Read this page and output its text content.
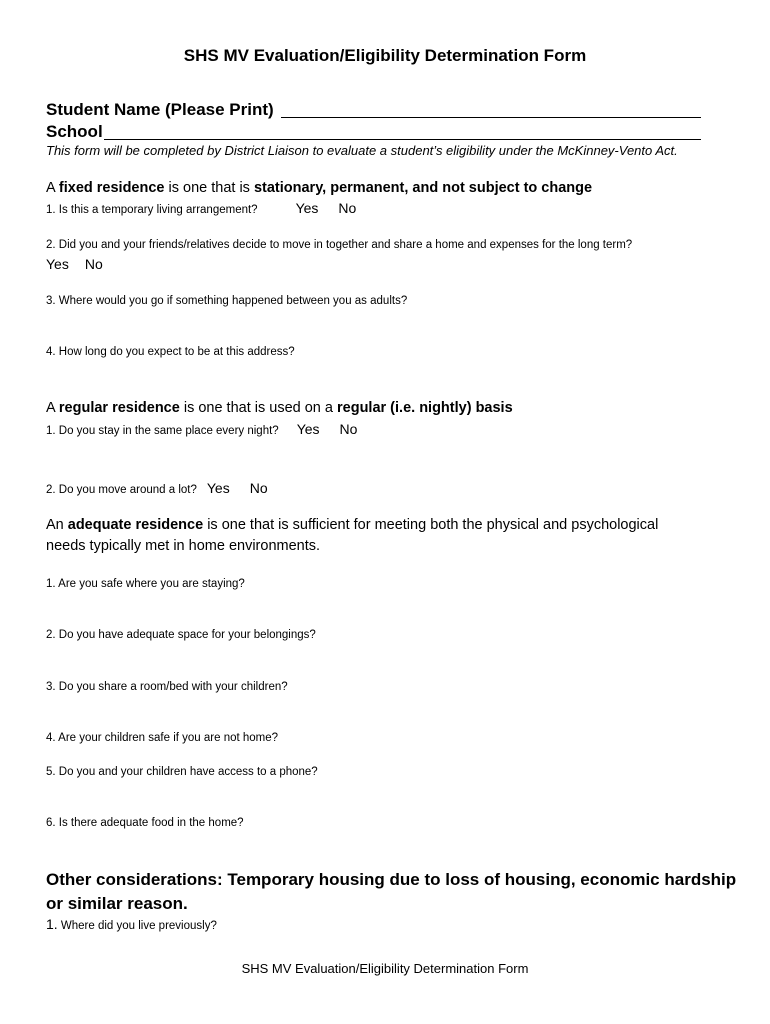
SHS MV Evaluation/Eligibility Determination Form
Student Name (Please Print)
School
This form will be completed by District Liaison to evaluate a student’s eligibility under the McKinney-Vento Act.
A fixed residence is one that is stationary, permanent, and not subject to change
1. Is this a temporary living arrangement?	Yes No
2. Did you and your friends/relatives decide to move in together and share a home and expenses for the long term?
Yes No
3. Where would you go if something happened between you as adults?
4. How long do you expect to be at this address?
A regular residence is one that is used on a regular (i.e. nightly) basis
1. Do you stay in the same place every night? Yes No
2. Do you move around a lot? Yes No
An adequate residence is one that is sufficient for meeting both the physical and psychological
needs typically met in home environments.
1. Are you safe where you are staying?
2. Do you have adequate space for your belongings?
3. Do you share a room/bed with your children?
4. Are your children safe if you are not home?
5. Do you and your children have access to a phone?
6. Is there adequate food in the home?
Other considerations: Temporary housing due to loss of housing, economic hardship or similar reason.
1. Where did you live previously?
SHS MV Evaluation/Eligibility Determination Form
